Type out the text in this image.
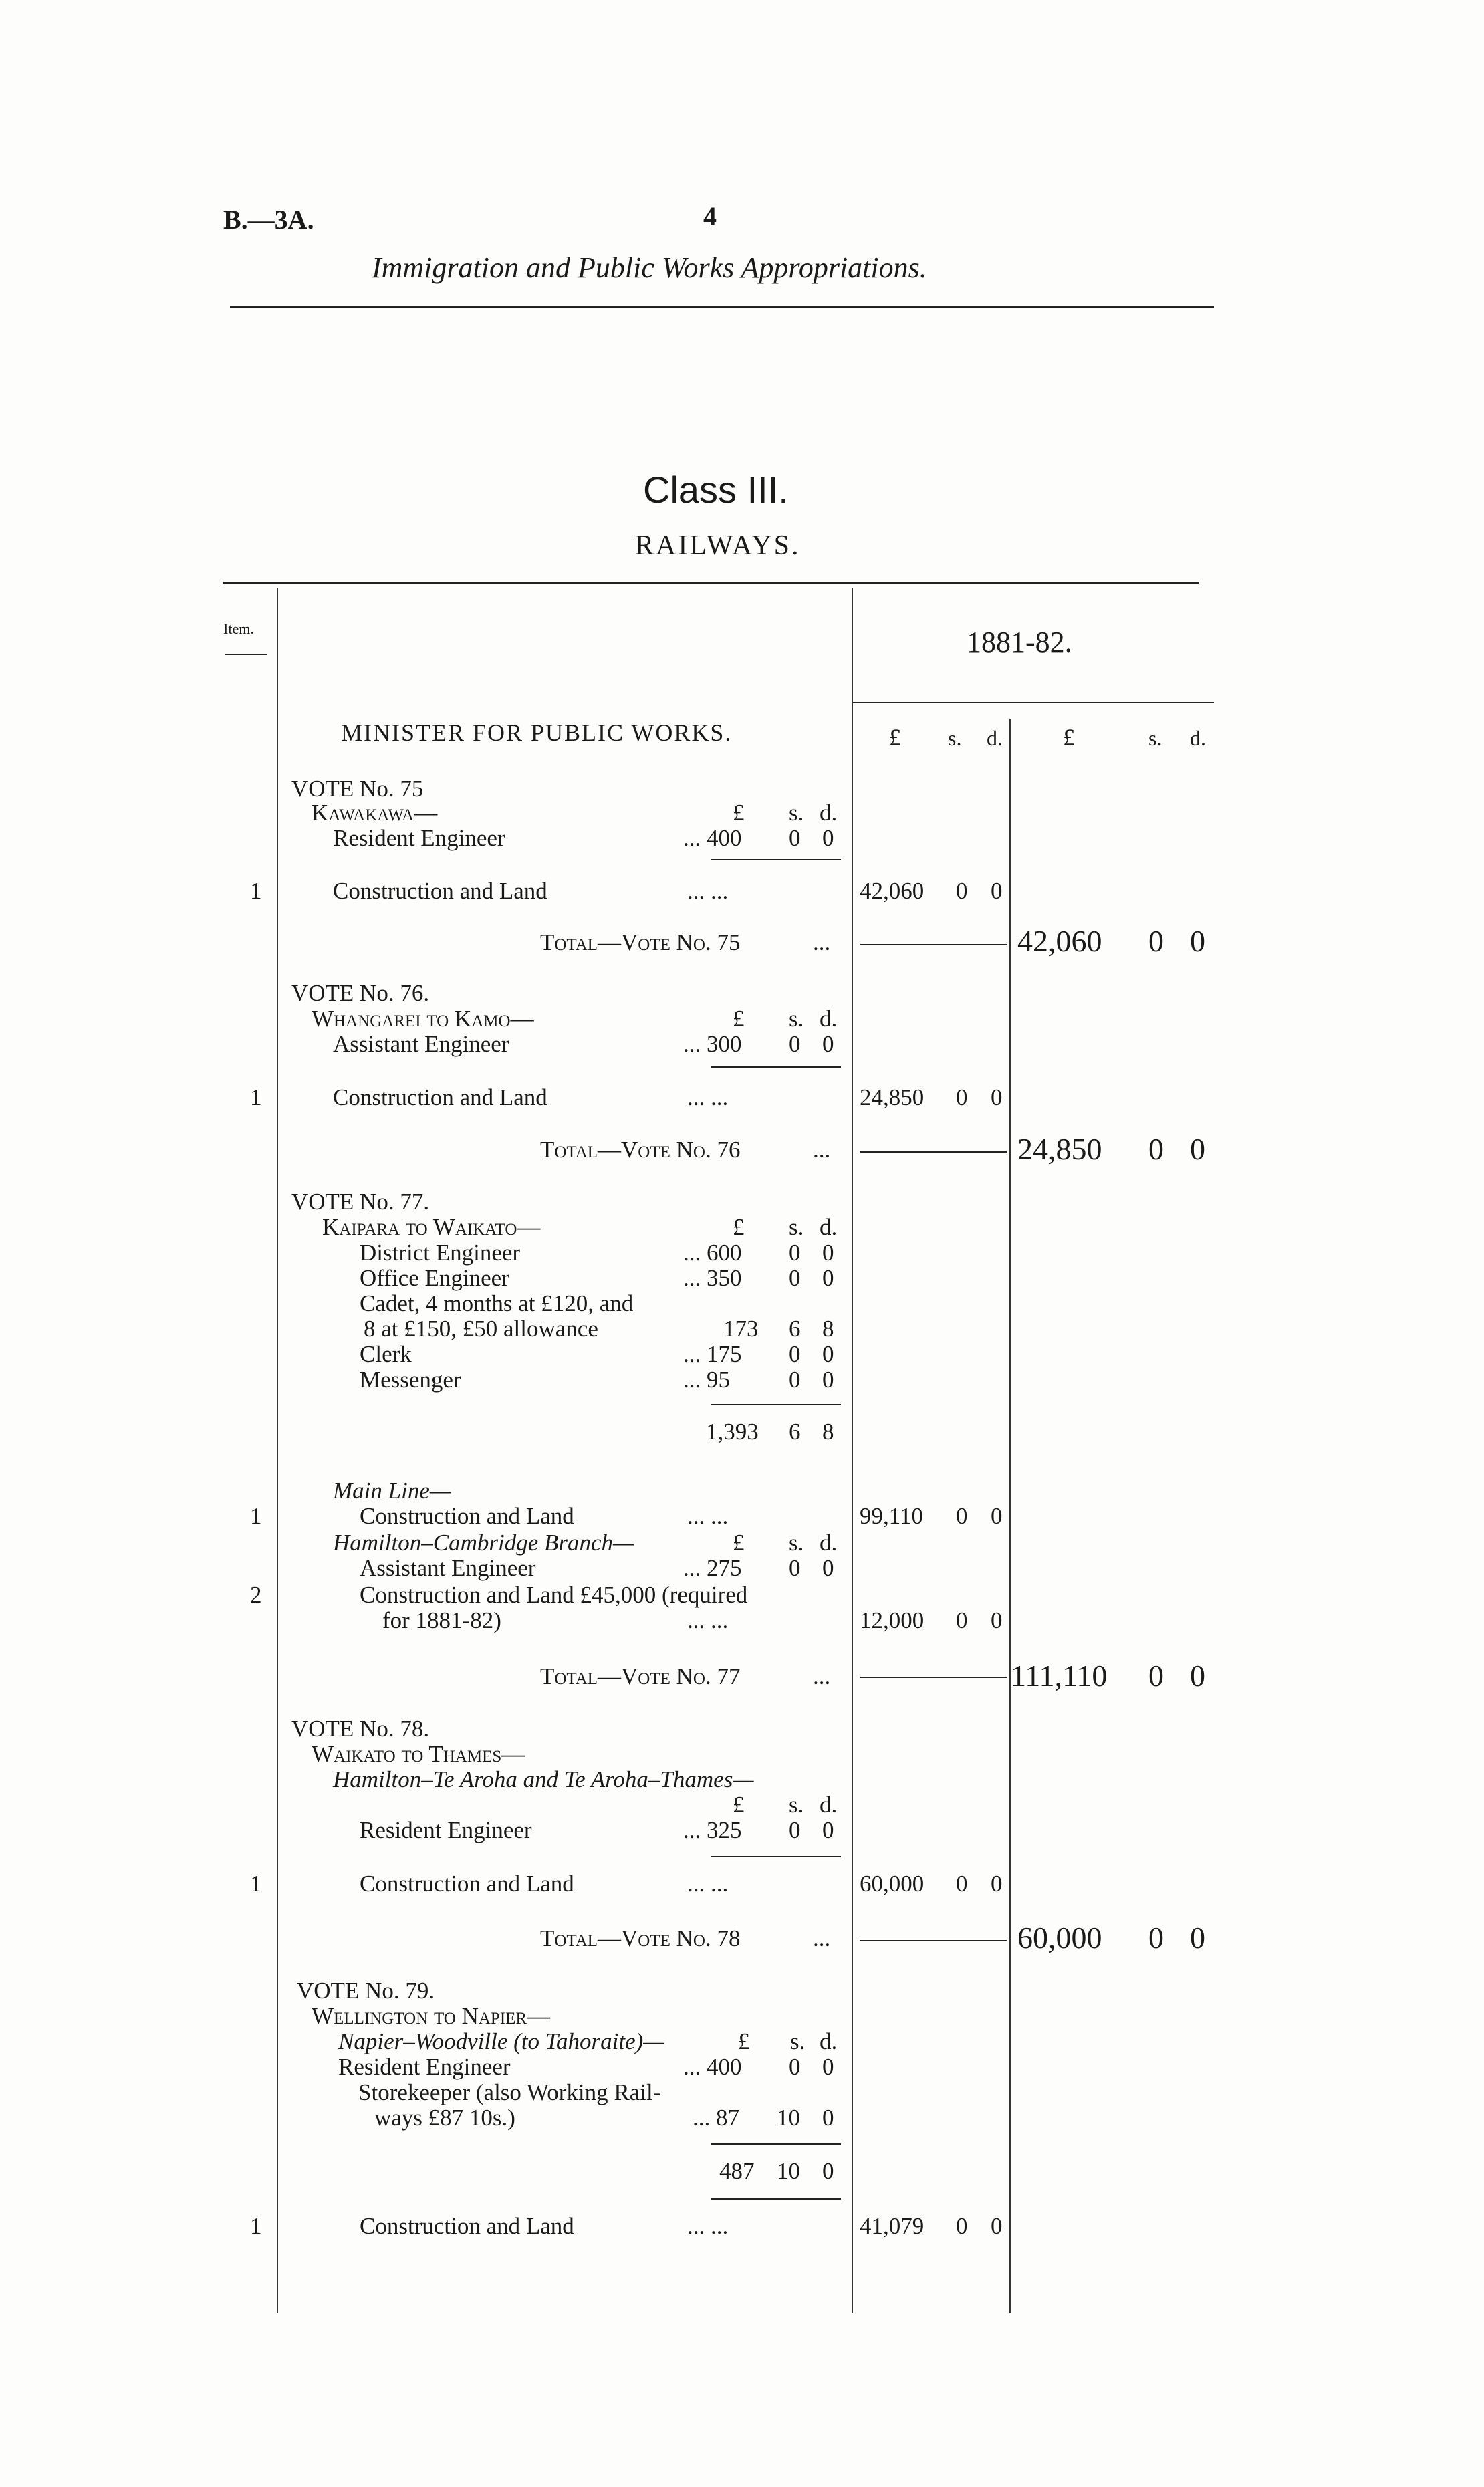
B.—3A.	4
Immigration and Public Works Appropriations.
Class III.
RAILWAYS.
Item.	1881-82.
£ s. d.	£	s. d.
MINISTER FOR PUBLIC WORKS.
VOTE No. 75
Kawakawa—	£ s. d.
Resident Engineer	... 400 0 0
1	Construction and Land	... ...	42,060 0 0
Total—Vote No. 75	...	42,060 0 0
VOTE No. 76.
Whangarei to Kamo—	£ s. d.
Assistant Engineer	... 300 0 0
1	Construction and Land	... ...	24,850 0 0
Total—Vote No. 76	...	24,850 0 0
VOTE No. 77.
Kaipara to Waikato—	£ s. d.
District Engineer	... 600 0 0
Office Engineer	... 350 0 0
Cadet, 4 months at £120, and
8 at £150, £50 allowance	173 6 8
Clerk	... 175 0 0
Messenger	... 95	0 0
1,393 6 8
Main Line—
1	Construction and Land	... ...	99,110 0 0
Hamilton–Cambridge Branch—	£ s. d.
Assistant Engineer	... 275 0 0
2	Construction and Land £45,000 (required
for 1881-82)	... ...	12,000 0 0
Total—Vote No. 77	...	111,110 0 0
VOTE No. 78.
Waikato to Thames—
Hamilton–Te Aroha and Te Aroha–Thames—
£ s. d.
Resident Engineer	... 325 0 0
1	Construction and Land	... ...	60,000 0 0
Total—Vote No. 78	...	60,000 0 0
VOTE No. 79.
Wellington to Napier—
Napier–Woodville (to Tahoraite)—	£ s. d.
Resident Engineer	... 400 0 0
Storekeeper (also Working Rail-
ways £87 10s.)	... 87 10 0
487 10 0
1	Construction and Land	... ...	41,079 0 0
